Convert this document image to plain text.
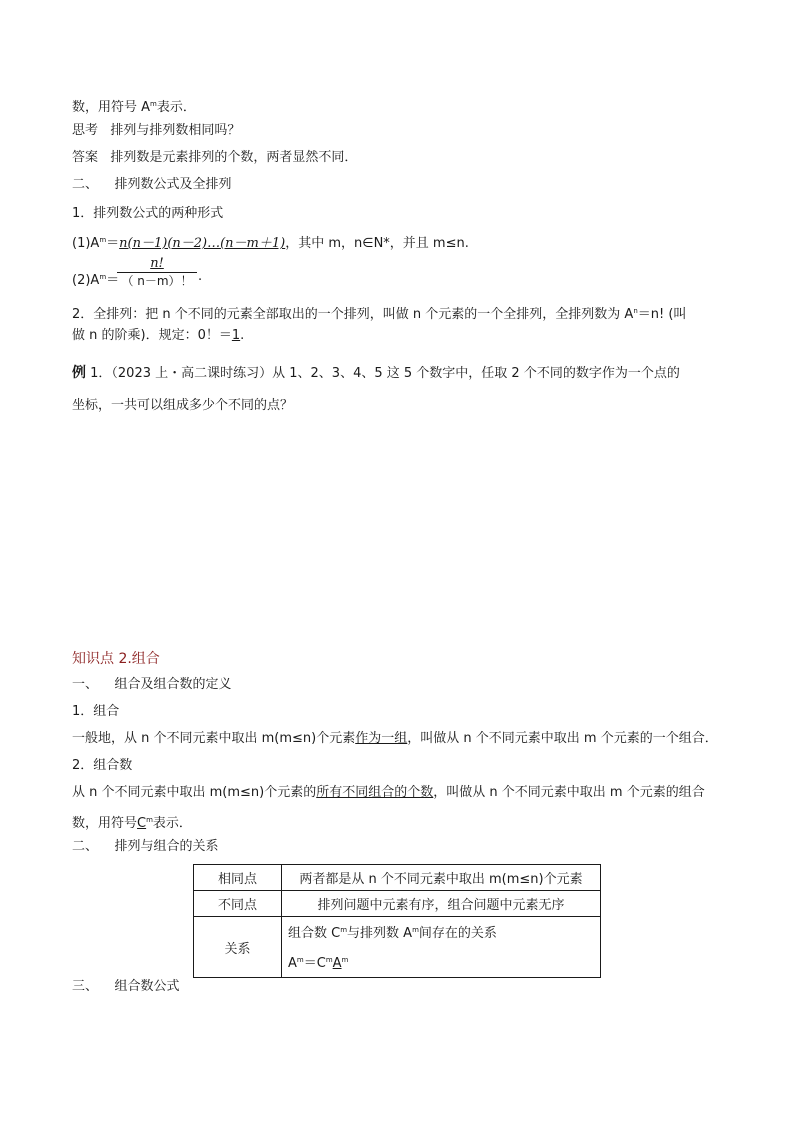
数，用符号 $A^m$表示．
思考 排列与排列数相同吗？
答案 排列数是元素排列的个数，两者显然不同．
二、 排列数公式及全排列
1．排列数公式的两种形式
$(1)A^m=n(n-1)(n-2)\dots(n-m+1)$，其中 m，n∈N*，并且 m≤n.
$(2)A^m=$
$\frac{n!}{( n-m)!}$ .
2．全排列：把 n 个不同的元素全部取出的一个排列，叫做 n 个元素的一个全排列，全排列数为 $A^n=n$! (叫
做 n 的阶乘)．规定：0！＝1.
例 1．（2023 上・高二课时练习）从 1、2、3、4、5 这 5 个数字中，任取 2 个不同的数字作为一个点的
坐标，一共可以组成多少个不同的点？
知识点 2.组合
一、 组合及组合数的定义
1．组合
一般地，从 n 个不同元素中取出 m(m≤n)个元素作为一组，叫做从 n 个不同元素中取出 m 个元素的一个组合．
2．组合数
从 n 个不同元素中取出 m(m≤n)个元素的所有不同组合的个数，叫做从 n 个不同元素中取出 m 个元素的组合
数，用符号$C^m$表示．
二、 排列与组合的关系
相同点	两者都是从 n 个不同元素中取出 m(m≤n)个元素
不同点	排列问题中元素有序，组合问题中元素无序
关系	组合数 $C^m$与排列数 $A^m$间存在的关系
$A^m=C^mA^m$
三、 组合数公式
